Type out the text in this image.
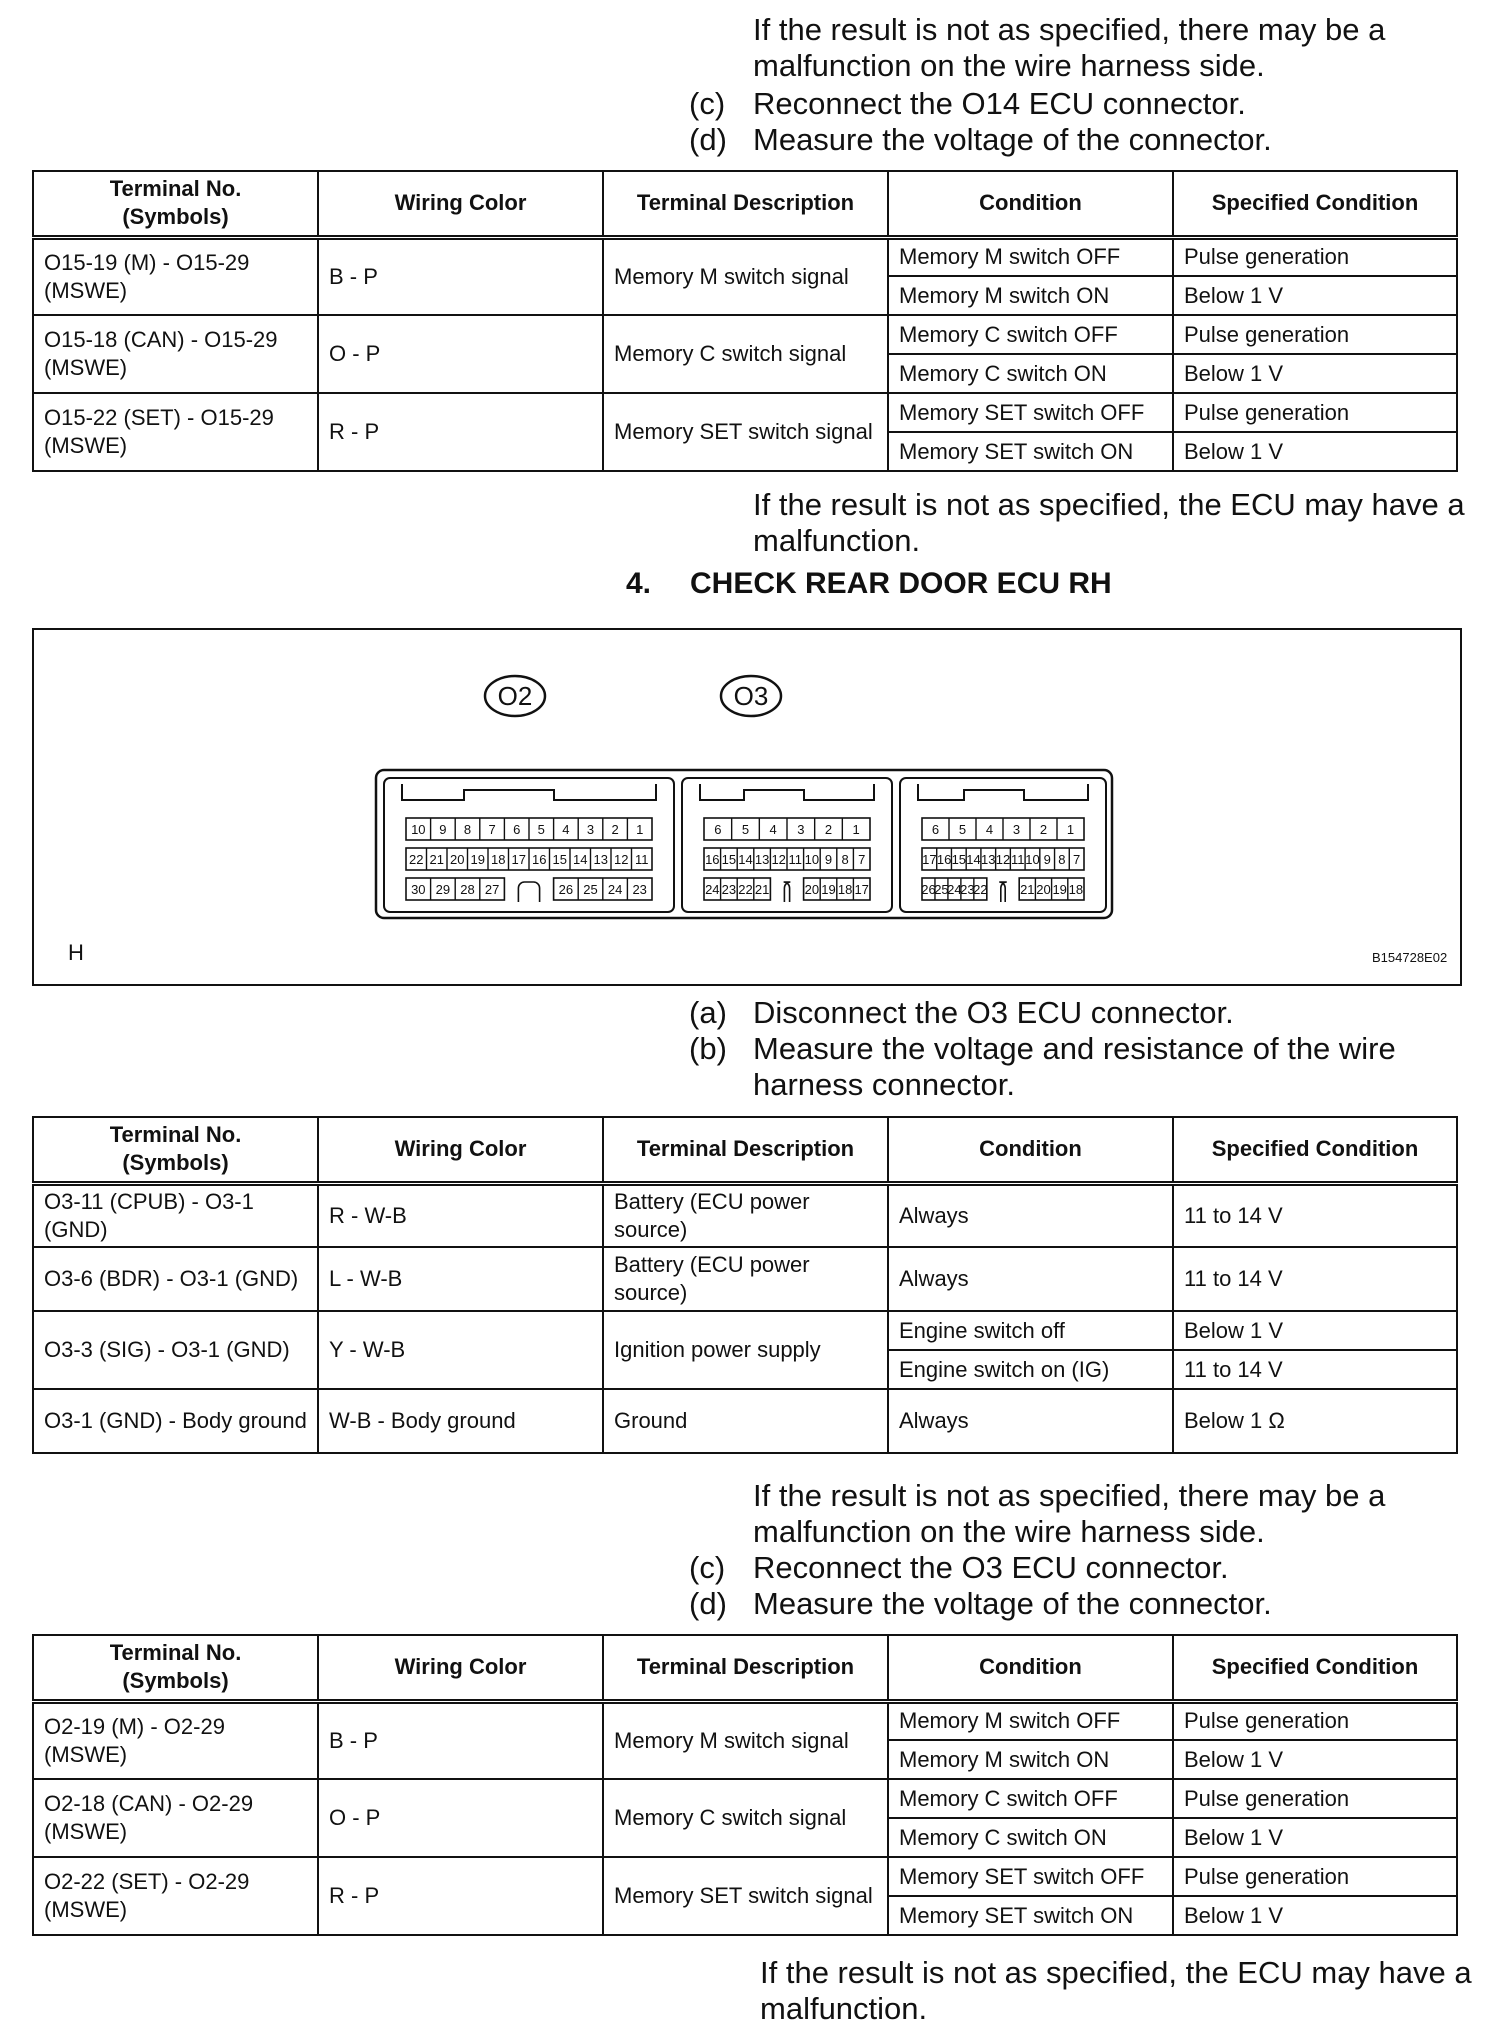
If the result is not as specified, there may be a
malfunction on the wire harness side.
(c) Reconnect the O14 ECU connector.
(d) Measure the voltage of the connector.
Terminal No.
(Symbols)	Wiring Color	Terminal Description	Condition	Specified Condition
O15-19 (M) - O15-29 (MSWE)	B - P	Memory M switch signal	Memory M switch OFF	Pulse generation
			Memory M switch ON	Below 1 V
O15-18 (CAN) - O15-29 (MSWE)	O - P	Memory C switch signal	Memory C switch OFF	Pulse generation
			Memory C switch ON	Below 1 V
O15-22 (SET) - O15-29 (MSWE)	R - P	Memory SET switch signal	Memory SET switch OFF	Pulse generation
			Memory SET switch ON	Below 1 V
If the result is not as specified, the ECU may have a
malfunction.
4. CHECK REAR DOOR ECU RH
O2	O3
10 9 8 7 6 5 4 3 2 1
22 21 20 19 18 17 16 15 14 13 12 11
30 29 28 27	26 25 24 23
6 5 4 3 2 1
16 15 14 13 12 11 10 9 8 7
24 23 22 21	20 19 18 17
6 5 4 3 2 1
17 16 15 14 13 12 11 10 9 8 7
26
25
24
23
22	21 20 19 18
H	B154728E02
(a) Disconnect the O3 ECU connector.
(b) Measure the voltage and resistance of the wire
harness connector.
Terminal No.
(Symbols)	Wiring Color	Terminal Description	Condition	Specified Condition
O3-11 (CPUB) - O3-1 (GND)	R - W-B	Battery (ECU power source)	Always	11 to 14 V
O3-6 (BDR) - O3-1 (GND)	L - W-B	Battery (ECU power source)	Always	11 to 14 V
O3-3 (SIG) - O3-1 (GND)	Y - W-B	Ignition power supply	Engine switch off	Below 1 V
			Engine switch on (IG)	11 to 14 V
O3-1 (GND) - Body ground	W-B - Body ground	Ground	Always	Below 1 Ω
If the result is not as specified, there may be a
malfunction on the wire harness side.
(c) Reconnect the O3 ECU connector.
(d) Measure the voltage of the connector.
Terminal No.
(Symbols)	Wiring Color	Terminal Description	Condition	Specified Condition
O2-19 (M) - O2-29 (MSWE)	B - P	Memory M switch signal	Memory M switch OFF	Pulse generation
			Memory M switch ON	Below 1 V
O2-18 (CAN) - O2-29 (MSWE)	O - P	Memory C switch signal	Memory C switch OFF	Pulse generation
			Memory C switch ON	Below 1 V
O2-22 (SET) - O2-29 (MSWE)	R - P	Memory SET switch signal	Memory SET switch OFF	Pulse generation
			Memory SET switch ON	Below 1 V
If the result is not as specified, the ECU may have a
malfunction.
